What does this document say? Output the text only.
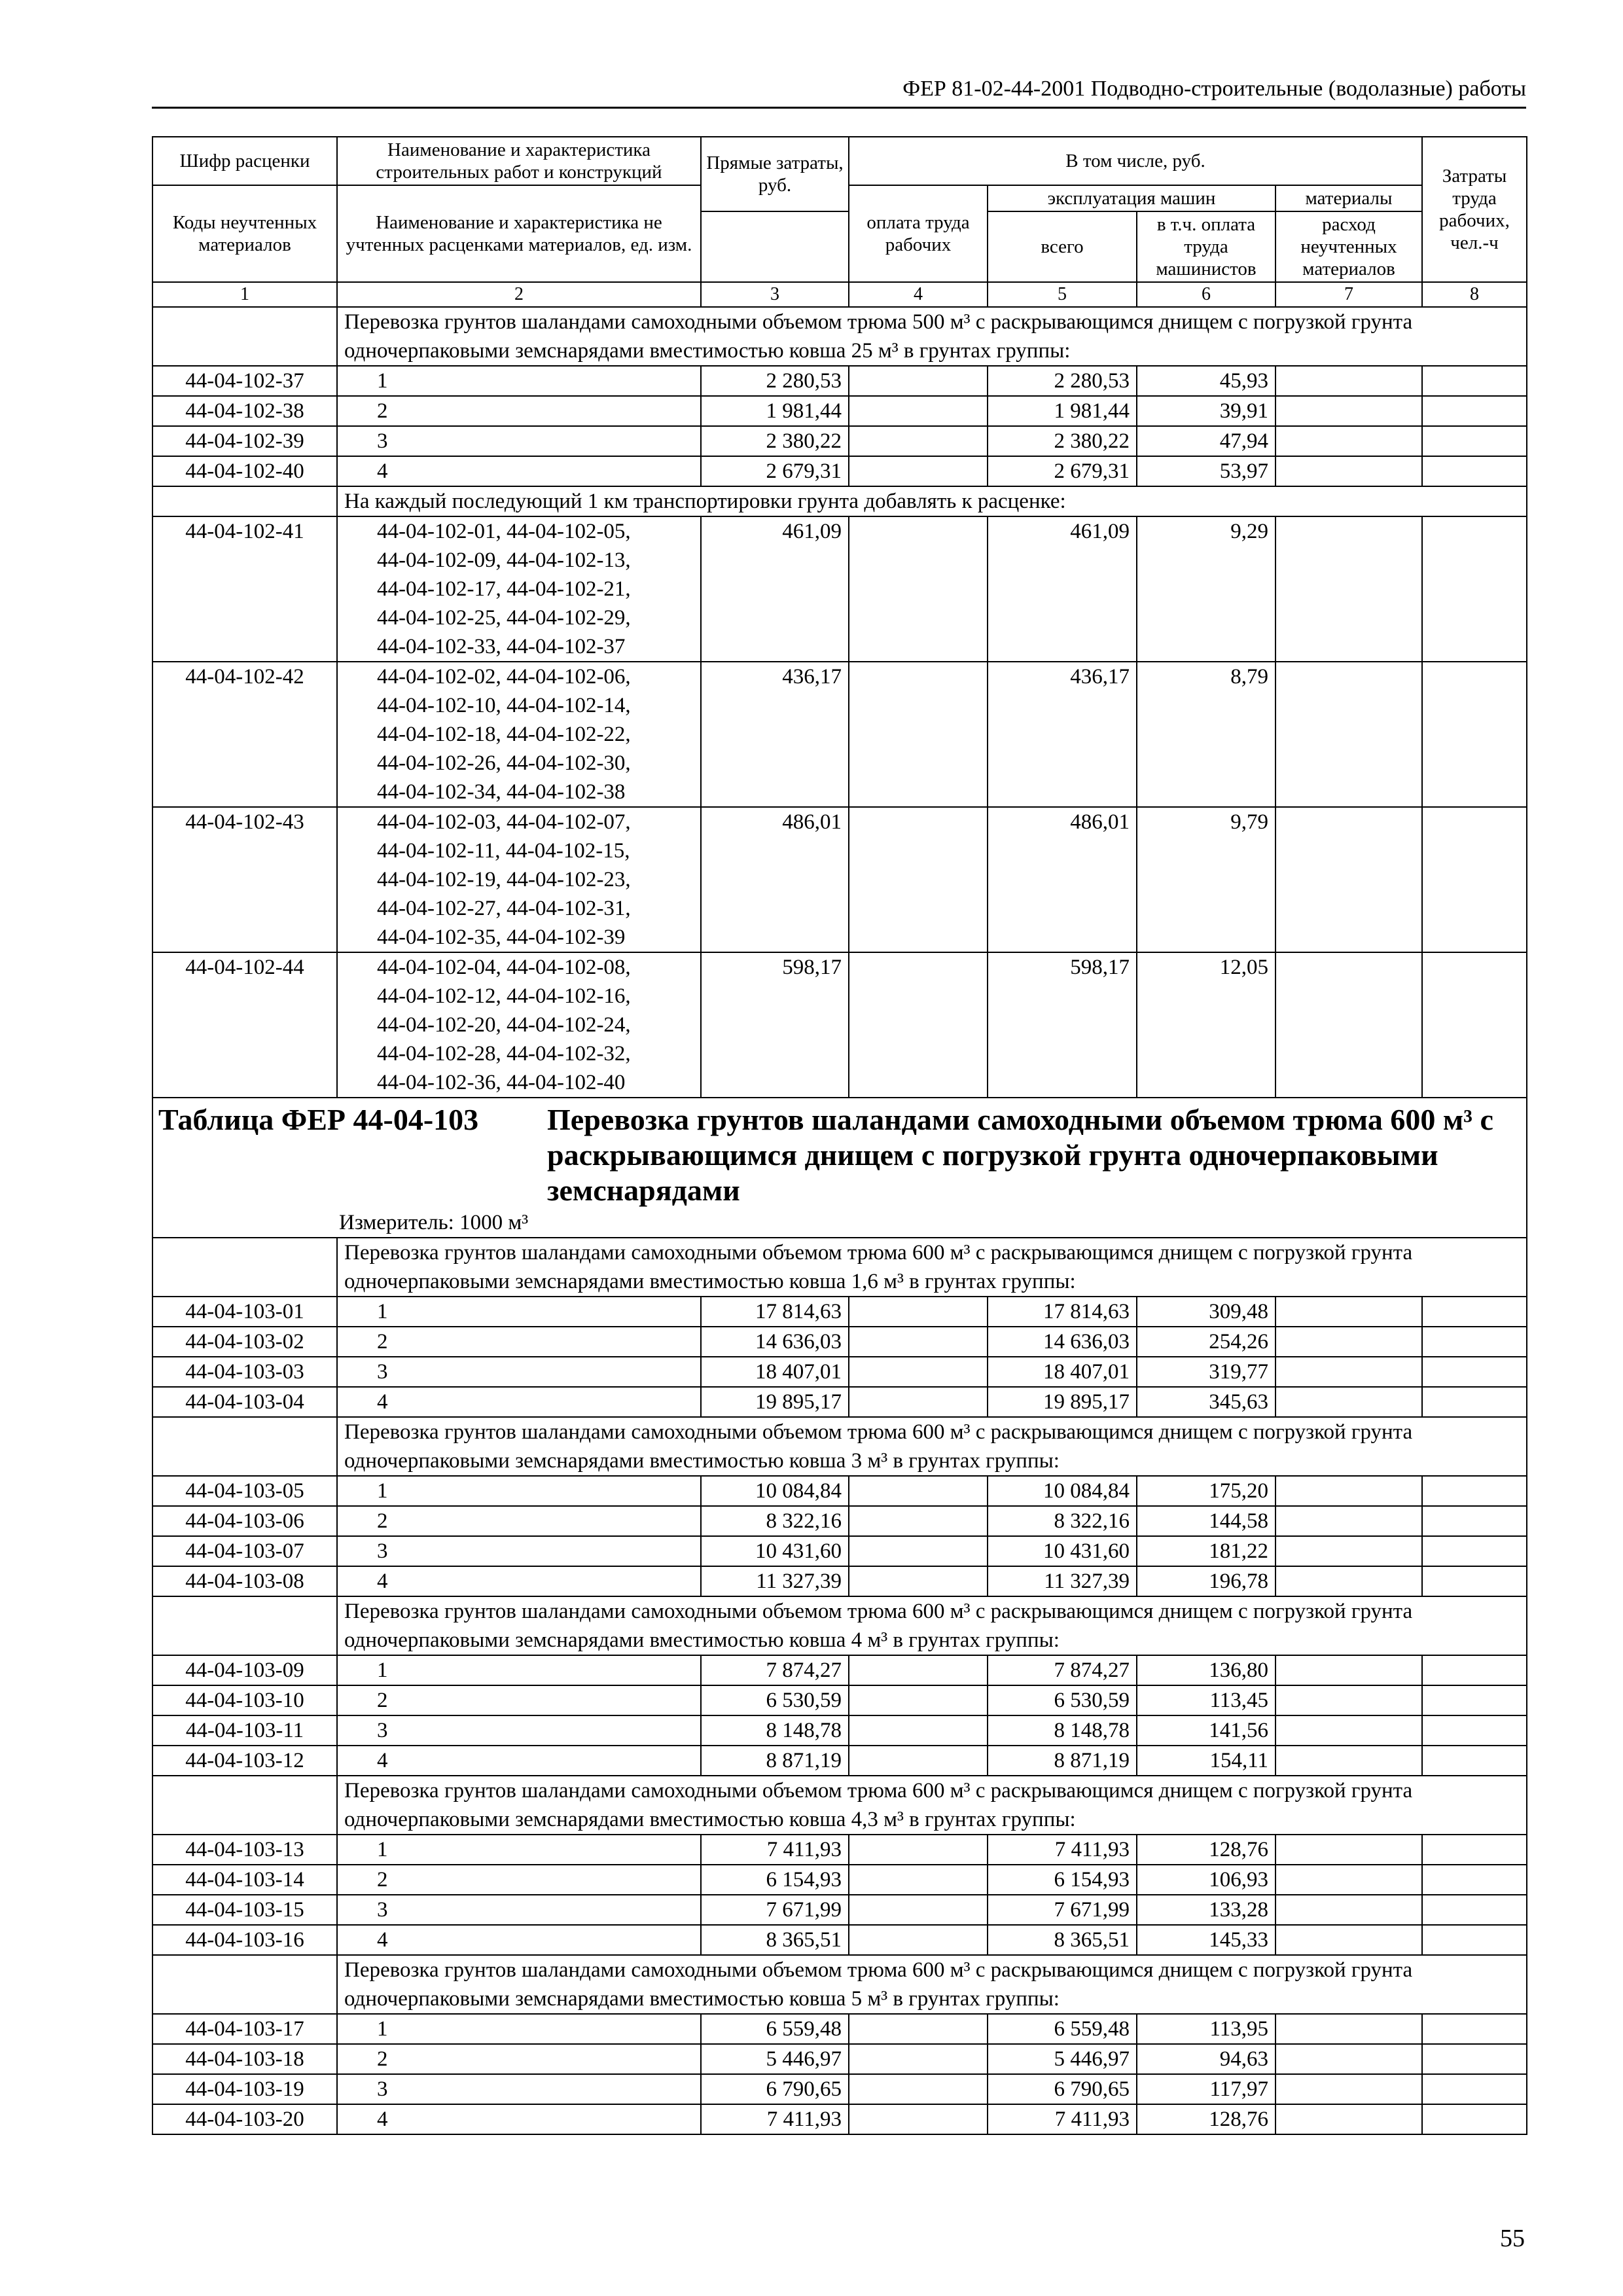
ФЕР 81-02-44-2001 Подводно-строительные (водолазные) работы
Шифр расценки	Наименование и характеристика строительных работ и конструкций	Прямые затраты, руб.	В том числе, руб.				Затраты труда рабочих, чел.-ч
Коды неучтенных материалов	Наименование и характеристика не учтенных расценками материалов, ед. изм.						
			оплата труда рабочих	эксплуатация машин		материалы	
				всего	в т.ч. оплата труда машинистов	расход неучтенных материалов	
1	2	3	4	5	6	7	8
	Перевозка грунтов шаландами самоходными объемом трюма 500 м³ с раскрывающимся днищем с погрузкой грунта одночерпаковыми земснарядами вместимостью ковша 25 м³ в грунтах группы:						
44-04-102-37	1	2 280,53		2 280,53	45,93		
44-04-102-38	2	1 981,44		1 981,44	39,91		
44-04-102-39	3	2 380,22		2 380,22	47,94		
44-04-102-40	4	2 679,31		2 679,31	53,97		
	На каждый последующий 1 км транспортировки грунта добавлять к расценке:						
44-04-102-41	44-04-102-01, 44-04-102-05,
44-04-102-09, 44-04-102-13,
44-04-102-17, 44-04-102-21,
44-04-102-25, 44-04-102-29,
44-04-102-33, 44-04-102-37	461,09		461,09	9,29		
44-04-102-42	44-04-102-02, 44-04-102-06,
44-04-102-10, 44-04-102-14,
44-04-102-18, 44-04-102-22,
44-04-102-26, 44-04-102-30,
44-04-102-34, 44-04-102-38	436,17		436,17	8,79		
44-04-102-43	44-04-102-03, 44-04-102-07,
44-04-102-11, 44-04-102-15,
44-04-102-19, 44-04-102-23,
44-04-102-27, 44-04-102-31,
44-04-102-35, 44-04-102-39	486,01		486,01	9,79		
44-04-102-44	44-04-102-04, 44-04-102-08,
44-04-102-12, 44-04-102-16,
44-04-102-20, 44-04-102-24,
44-04-102-28, 44-04-102-32,
44-04-102-36, 44-04-102-40	598,17		598,17	12,05		

Таблица ФЕР 44-04-103 Перевозка грунтов шаландами самоходными объемом трюма 600 м³ с раскрывающимся днищем с погрузкой грунта одночерпаковыми земснарядами
Измеритель: 1000 м³							

	Перевозка грунтов шаландами самоходными объемом трюма 600 м³ с раскрывающимся днищем с погрузкой грунта одночерпаковыми земснарядами вместимостью ковша 1,6 м³ в грунтах группы:						
44-04-103-01	1	17 814,63		17 814,63	309,48		
44-04-103-02	2	14 636,03		14 636,03	254,26		
44-04-103-03	3	18 407,01		18 407,01	319,77		
44-04-103-04	4	19 895,17		19 895,17	345,63		
	Перевозка грунтов шаландами самоходными объемом трюма 600 м³ с раскрывающимся днищем с погрузкой грунта одночерпаковыми земснарядами вместимостью ковша 3 м³ в грунтах группы:						
44-04-103-05	1	10 084,84		10 084,84	175,20		
44-04-103-06	2	8 322,16		8 322,16	144,58		
44-04-103-07	3	10 431,60		10 431,60	181,22		
44-04-103-08	4	11 327,39		11 327,39	196,78		
	Перевозка грунтов шаландами самоходными объемом трюма 600 м³ с раскрывающимся днищем с погрузкой грунта одночерпаковыми земснарядами вместимостью ковша 4 м³ в грунтах группы:						
44-04-103-09	1	7 874,27		7 874,27	136,80		
44-04-103-10	2	6 530,59		6 530,59	113,45		
44-04-103-11	3	8 148,78		8 148,78	141,56		
44-04-103-12	4	8 871,19		8 871,19	154,11		
	Перевозка грунтов шаландами самоходными объемом трюма 600 м³ с раскрывающимся днищем с погрузкой грунта одночерпаковыми земснарядами вместимостью ковша 4,3 м³ в грунтах группы:						
44-04-103-13	1	7 411,93		7 411,93	128,76		
44-04-103-14	2	6 154,93		6 154,93	106,93		
44-04-103-15	3	7 671,99		7 671,99	133,28		
44-04-103-16	4	8 365,51		8 365,51	145,33		
	Перевозка грунтов шаландами самоходными объемом трюма 600 м³ с раскрывающимся днищем с погрузкой грунта одночерпаковыми земснарядами вместимостью ковша 5 м³ в грунтах группы:						
44-04-103-17	1	6 559,48		6 559,48	113,95		
44-04-103-18	2	5 446,97		5 446,97	94,63		
44-04-103-19	3	6 790,65		6 790,65	117,97		
44-04-103-20	4	7 411,93		7 411,93	128,76		
55
